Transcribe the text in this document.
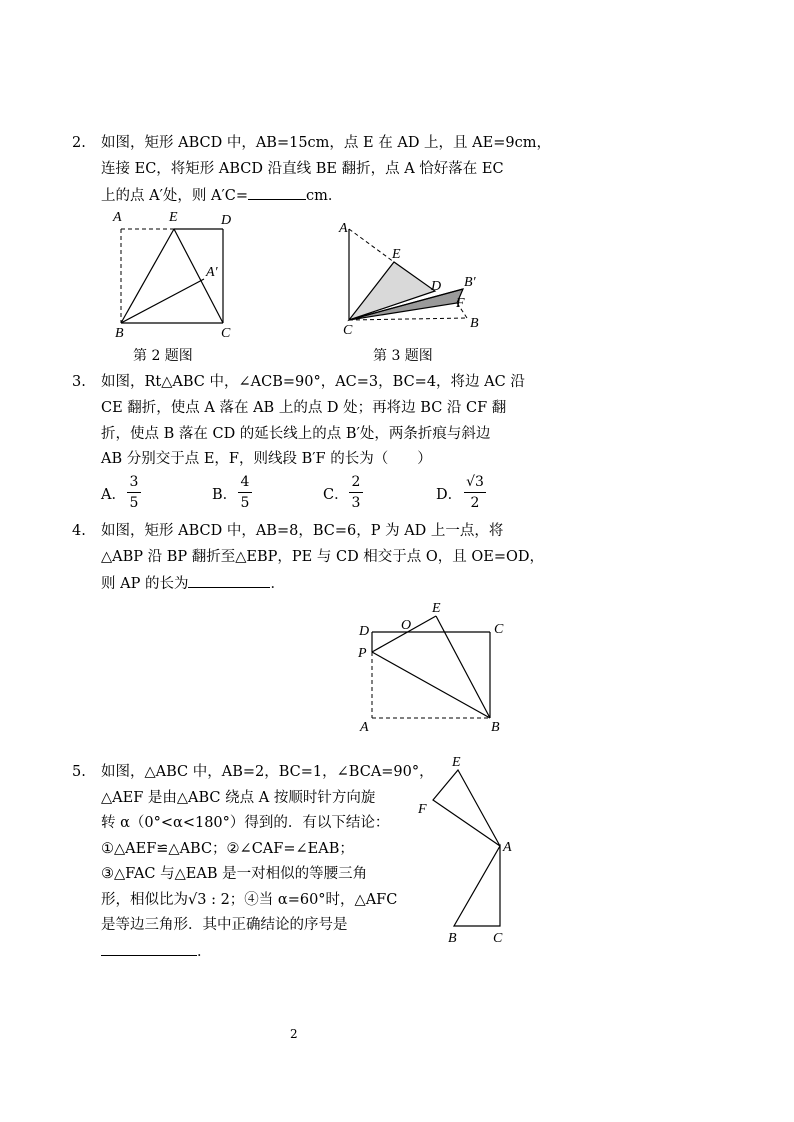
2. 如图，矩形 ABCD 中，AB=15cm，点 E 在 AD 上，且 AE=9cm，
连接 EC，将矩形 ABCD 沿直线 BE 翻折，点 A 恰好落在 EC
上的点 A′处，则 A′C=	cm．
A	E	D
A′
B	C
第 2 题图
A
E
D B′
F
C	B
第 3 题图
3. 如图，Rt△ABC 中，∠ACB=90°，AC=3，BC=4，将边 AC 沿
CE 翻折，使点 A 落在 AB 上的点 D 处；再将边 BC 沿 CF 翻
折，使点 B 落在 CD 的延长线上的点 B′处，两条折痕与斜边
AB 分别交于点 E，F，则线段 B′F 的长为（　　）
A．
3
5	B．
4
5	C．
2
3	D．
√3
2
4. 如图，矩形 ABCD 中，AB=8，BC=6，P 为 AD 上一点，将
△ABP 沿 BP 翻折至△EBP，PE 与 CD 相交于点 O，且 OE=OD，
则 AP 的长为	．
D O
E
C
P
A	B
5. 如图，△ABC 中，AB=2，BC=1，∠BCA=90°，
△AEF 是由△ABC 绕点 A 按顺时针方向旋
转 α（0°<α<180°）得到的．有以下结论：
①△AEF≌△ABC；②∠CAF=∠EAB；
③△FAC 与△EAB 是一对相似的等腰三角
形，相似比为√3 : 2；④当 α=60°时，△AFC
是等边三角形．其中正确结论的序号是
．
E
F
A
B	C
2
